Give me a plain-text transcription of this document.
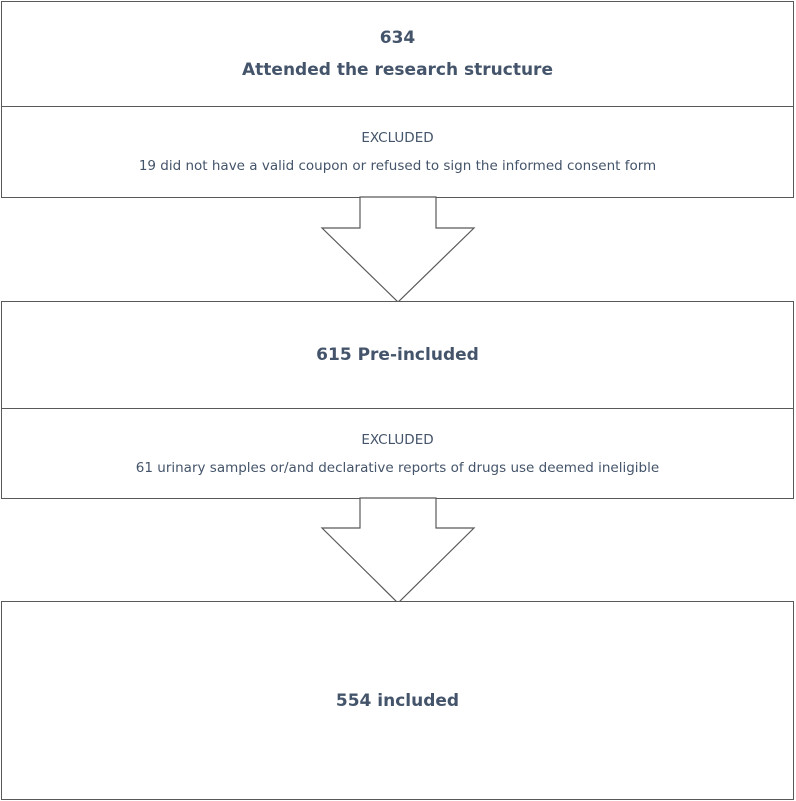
634
Attended the research structure
EXCLUDED
19 did not have a valid coupon or refused to sign the informed consent form
615 Pre-included
EXCLUDED
61 urinary samples or/and declarative reports of drugs use deemed ineligible
554 included
